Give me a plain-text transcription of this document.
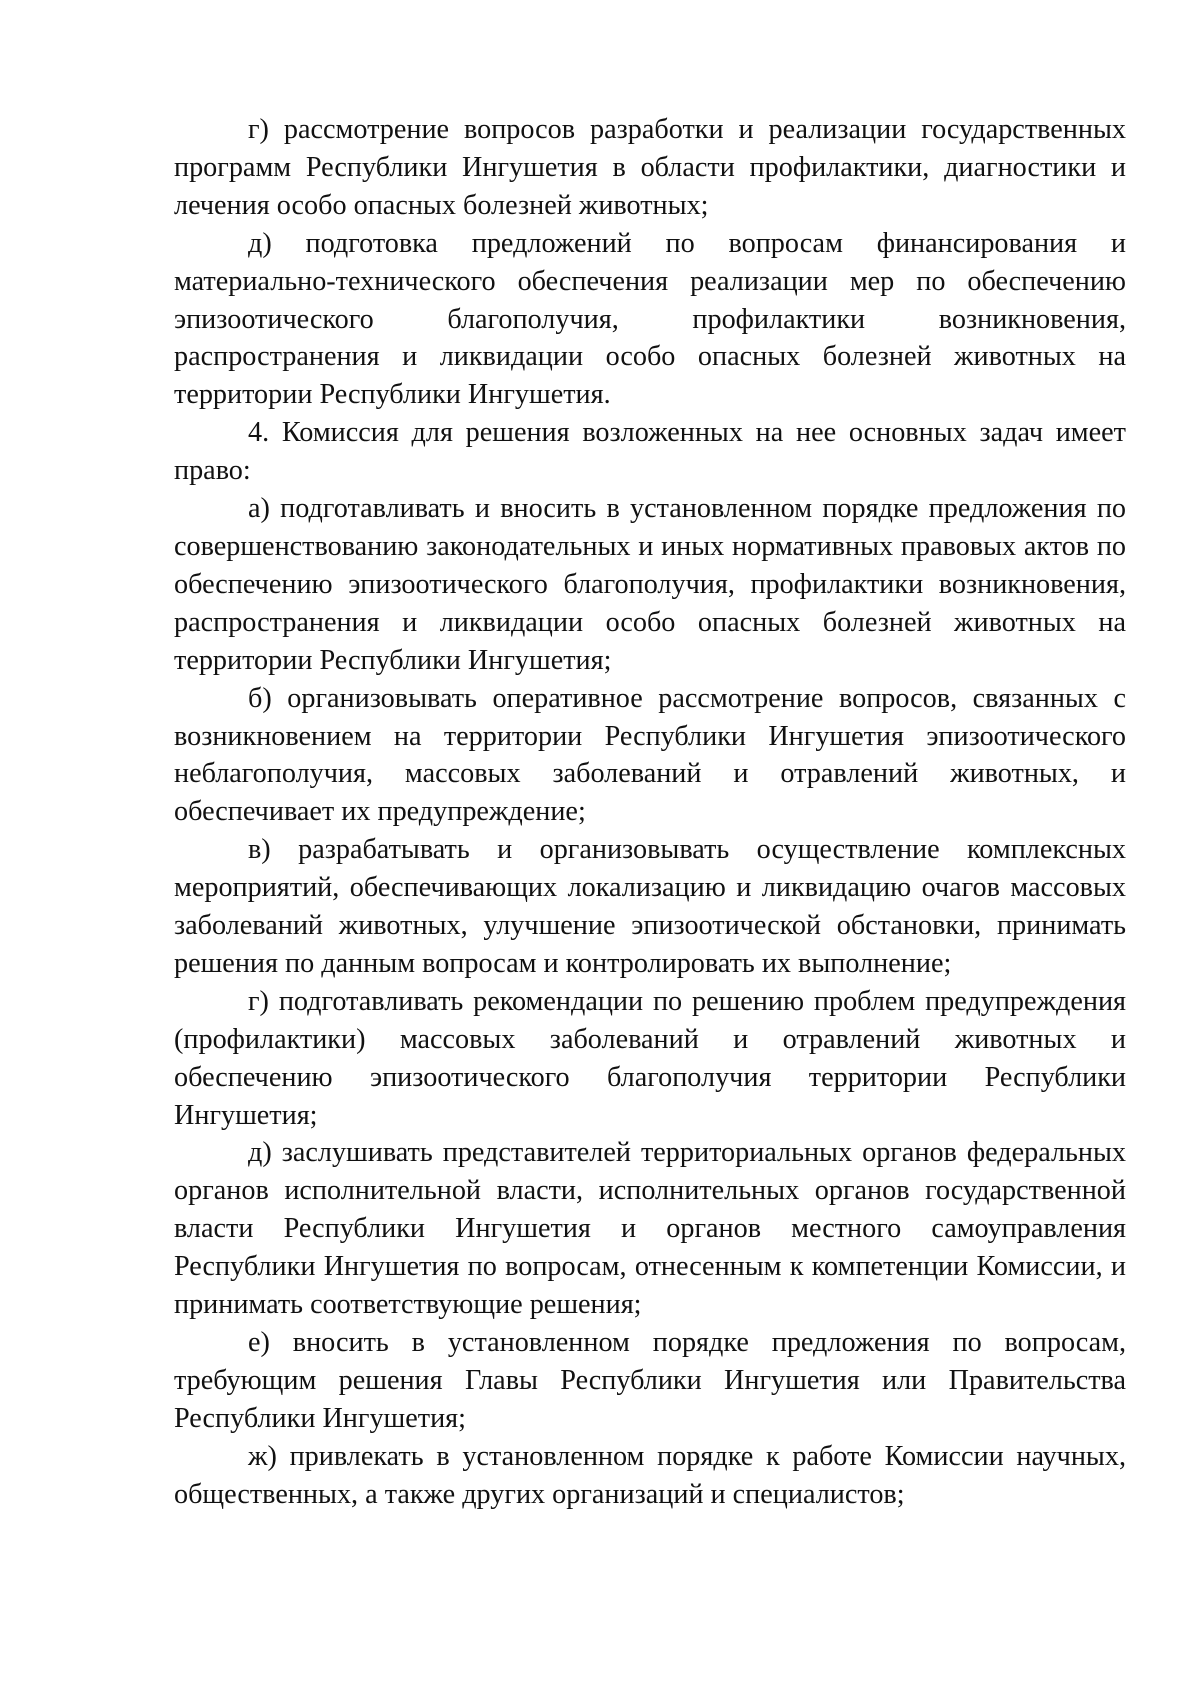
г) рассмотрение вопросов разработки и реализации государственных программ Республики Ингушетия в области профилактики, диагностики и лечения особо опасных болезней животных;

д) подготовка предложений по вопросам финансирования и материально-технического обеспечения реализации мер по обеспечению эпизоотического благополучия, профилактики возникновения, распространения и ликвидации особо опасных болезней животных на территории Республики Ингушетия.

4. Комиссия для решения возложенных на нее основных задач имеет право:

а) подготавливать и вносить в установленном порядке предложения по совершенствованию законодательных и иных нормативных правовых актов по обеспечению эпизоотического благополучия, профилактики возникновения, распространения и ликвидации особо опасных болезней животных на территории Республики Ингушетия;

б) организовывать оперативное рассмотрение вопросов, связанных с возникновением на территории Республики Ингушетия эпизоотического неблагополучия, массовых заболеваний и отравлений животных, и обеспечивает их предупреждение;

в) разрабатывать и организовывать осуществление комплексных мероприятий, обеспечивающих локализацию и ликвидацию очагов массовых заболеваний животных, улучшение эпизоотической обстановки, принимать решения по данным вопросам и контролировать их выполнение;

г) подготавливать рекомендации по решению проблем предупреждения (профилактики) массовых заболеваний и отравлений животных и обеспечению эпизоотического благополучия территории Республики Ингушетия;

д) заслушивать представителей территориальных органов федеральных органов исполнительной власти, исполнительных органов государственной власти Республики Ингушетия и органов местного самоуправления Республики Ингушетия по вопросам, отнесенным к компетенции Комиссии, и принимать соответствующие решения;

е) вносить в установленном порядке предложения по вопросам, требующим решения Главы Республики Ингушетия или Правительства Республики Ингушетия;

ж) привлекать в установленном порядке к работе Комиссии научных, общественных, а также других организаций и специалистов;
